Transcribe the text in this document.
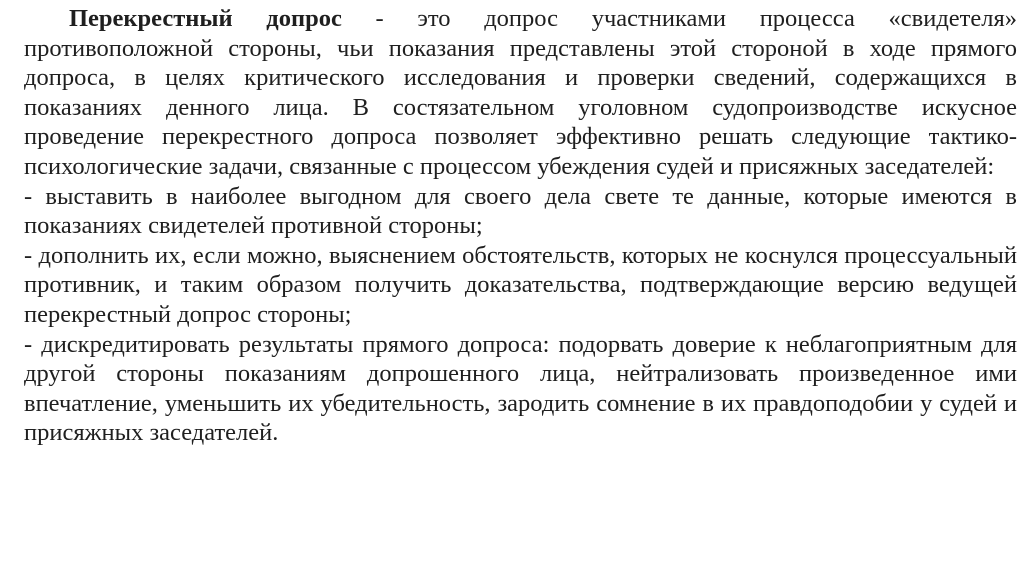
Перекрестный допрос - это допрос участниками процесса «свидетеля» противоположной стороны, чьи показания представлены этой стороной в ходе прямого допроса, в целях критического исследования и проверки сведений, содержащихся в показаниях денного лица. В состязательном уголовном судопроизводстве искусное проведение перекрестного допроса позволяет эффективно решать следующие тактико-психологические задачи, связанные с процессом убеждения судей и присяжных заседателей:

- выставить в наиболее выгодном для своего дела свете те данные, которые имеются в показаниях свидетелей противной стороны;

- дополнить их, если можно, выяснением обстоятельств, которых не коснулся процессуальный противник, и таким образом получить доказательства, подтверждающие версию ведущей перекрестный допрос стороны;

- дискредитировать результаты прямого допроса: подорвать доверие к неблагоприятным для другой стороны показаниям допрошенного лица, нейтрализовать произведенное ими впечатление, уменьшить их убедительность, зародить сомнение в их правдоподобии у судей и присяжных заседателей.
